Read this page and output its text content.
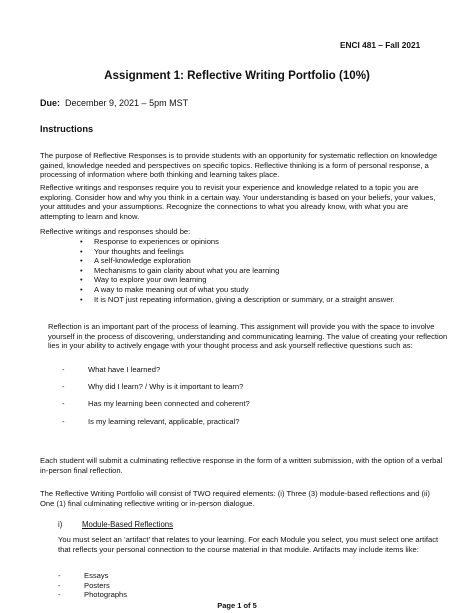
ENCI 481 – Fall 2021
Assignment 1: Reflective Writing Portfolio (10%)
Due: December 9, 2021 – 5pm MST
Instructions

The purpose of Reflective Responses is to provide students with an opportunity for systematic reflection on knowledge gained, knowledge needed and perspectives on specific topics. Reflective thinking is a form of personal response, a processing of information where both thinking and learning takes place.

Reflective writings and responses require you to revisit your experience and knowledge related to a topic you are exploring. Consider how and why you think in a certain way. Your understanding is based on your beliefs, your values, your attitudes and your assumptions. Recognize the connections to what you already know, with what you are attempting to learn and know.

Reflective writings and responses should be:

• Response to experiences or opinions
• Your thoughts and feelings
• A self-knowledge exploration
• Mechanisms to gain clarity about what you are learning
• Way to explore your own learning
• A way to make meaning out of what you study
• It is NOT just repeating information, giving a description or summary, or a straight answer.

Reflection is an important part of the process of learning. This assignment will provide you with the space to involve yourself in the process of discovering, understanding and communicating learning. The value of creating your reflection lies in your ability to actively engage with your thought process and ask yourself reflective questions such as:

-	What have I learned?
-	Why did I learn? / Why is it important to learn?
-	Has my learning been connected and coherent?
-	Is my learning relevant, applicable, practical?

Each student will submit a culminating reflective response in the form of a written submission, with the option of a verbal in-person final reflection.

The Reflective Writing Portfolio will consist of TWO required elements: (i) Three (3) module-based reflections and (ii) One (1) final culminating reflective writing or in-person dialogue.

i)	Module-Based Reflections

You must select an ‘artifact’ that relates to your learning. For each Module you select, you must select one artifact that reflects your personal connection to the course material in that module. Artifacts may include items like:

-	Essays
-	Posters
-	Photographs
Page 1 of 5
